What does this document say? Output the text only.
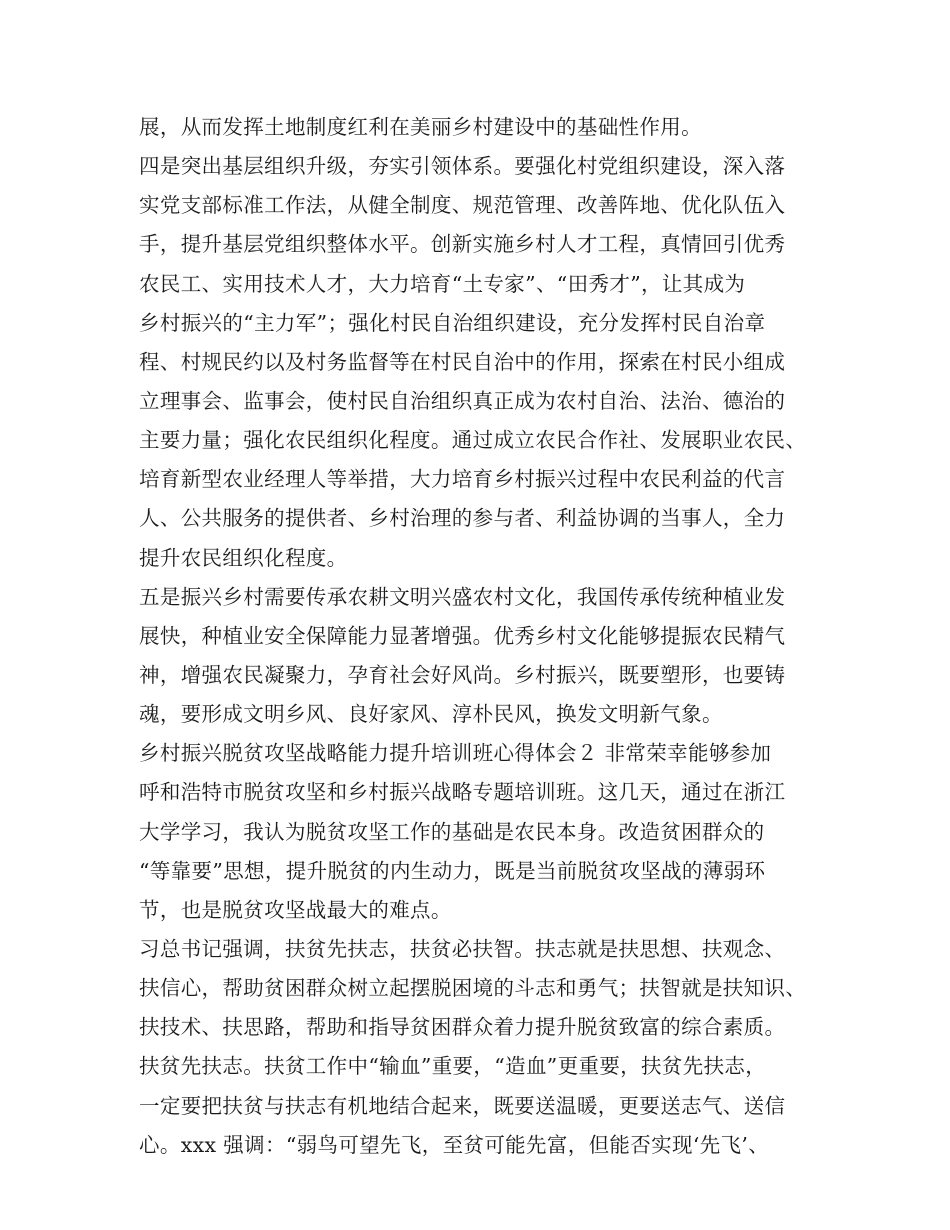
展，从而发挥土地制度红利在美丽乡村建设中的基础性作用。
四是突出基层组织升级，夯实引领体系。要强化村党组织建设，深入落
实党支部标准工作法，从健全制度、规范管理、改善阵地、优化队伍入
手，提升基层党组织整体水平。创新实施乡村人才工程，真情回引优秀
农民工、实用技术人才，大力培育“土专家”、“田秀才”，让其成为
乡村振兴的“主力军”；强化村民自治组织建设，充分发挥村民自治章
程、村规民约以及村务监督等在村民自治中的作用，探索在村民小组成
立理事会、监事会，使村民自治组织真正成为农村自治、法治、德治的
主要力量；强化农民组织化程度。通过成立农民合作社、发展职业农民、
培育新型农业经理人等举措，大力培育乡村振兴过程中农民利益的代言
人、公共服务的提供者、乡村治理的参与者、利益协调的当事人，全力
提升农民组织化程度。
五是振兴乡村需要传承农耕文明兴盛农村文化，我国传承传统种植业发
展快，种植业安全保障能力显著增强。优秀乡村文化能够提振农民精气
神，增强农民凝聚力，孕育社会好风尚。乡村振兴，既要塑形，也要铸
魂，要形成文明乡风、良好家风、淳朴民风，换发文明新气象。
乡村振兴脱贫攻坚战略能力提升培训班心得体会２ 非常荣幸能够参加
呼和浩特市脱贫攻坚和乡村振兴战略专题培训班。这几天，通过在浙江
大学学习，我认为脱贫攻坚工作的基础是农民本身。改造贫困群众的
“等靠要”思想，提升脱贫的内生动力，既是当前脱贫攻坚战的薄弱环
节，也是脱贫攻坚战最大的难点。
习总书记强调，扶贫先扶志，扶贫必扶智。扶志就是扶思想、扶观念、
扶信心，帮助贫困群众树立起摆脱困境的斗志和勇气；扶智就是扶知识、
扶技术、扶思路，帮助和指导贫困群众着力提升脱贫致富的综合素质。
扶贫先扶志。扶贫工作中“输血”重要，“造血”更重要，扶贫先扶志，
一定要把扶贫与扶志有机地结合起来，既要送温暖，更要送志气、送信
心。xxx 强调：“弱鸟可望先飞，至贫可能先富，但能否实现‘先飞’、
